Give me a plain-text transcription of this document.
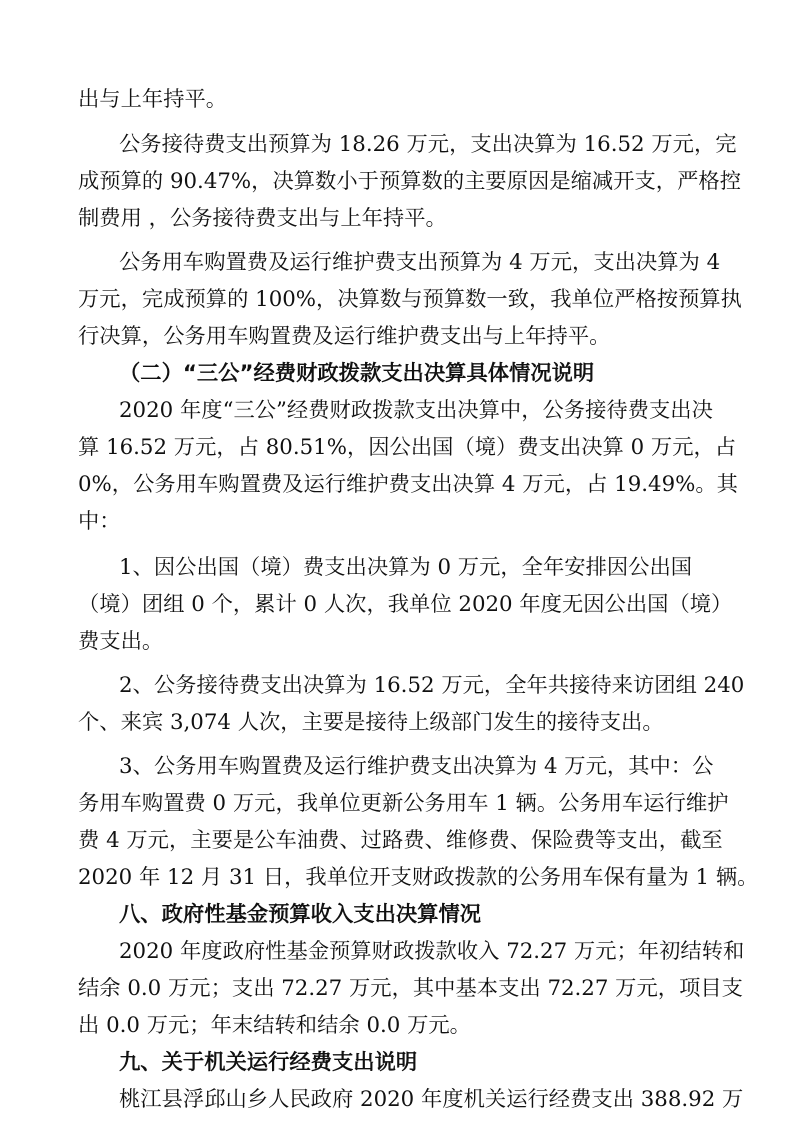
出与上年持平。
公务接待费支出预算为 18.26 万元，支出决算为 16.52 万元，完
成预算的 90.47%，决算数小于预算数的主要原因是缩减开支，严格控
制费用 ，公务接待费支出与上年持平。
公务用车购置费及运行维护费支出预算为 4 万元，支出决算为 4
万元，完成预算的 100%，决算数与预算数一致，我单位严格按预算执
行决算，公务用车购置费及运行维护费支出与上年持平。
（二）“三公”经费财政拨款支出决算具体情况说明
2020 年度“三公”经费财政拨款支出决算中，公务接待费支出决
算 16.52 万元，占 80.51%，因公出国（境）费支出决算 0 万元，占
0%，公务用车购置费及运行维护费支出决算 4 万元，占 19.49%。其
中：
1、因公出国（境）费支出决算为 0 万元，全年安排因公出国
（境）团组 0 个，累计 0 人次，我单位 2020 年度无因公出国（境）
费支出。
2、公务接待费支出决算为 16.52 万元，全年共接待来访团组 240
个、来宾 3,074 人次，主要是接待上级部门发生的接待支出。
3、公务用车购置费及运行维护费支出决算为 4 万元，其中：公
务用车购置费 0 万元，我单位更新公务用车 1 辆。公务用车运行维护
费 4 万元，主要是公车油费、过路费、维修费、保险费等支出，截至
2020 年 12 月 31 日，我单位开支财政拨款的公务用车保有量为 1 辆。
八、政府性基金预算收入支出决算情况
2020 年度政府性基金预算财政拨款收入 72.27 万元；年初结转和
结余 0.0 万元；支出 72.27 万元，其中基本支出 72.27 万元，项目支
出 0.0 万元；年末结转和结余 0.0 万元。
九、关于机关运行经费支出说明
桃江县浮邱山乡人民政府 2020 年度机关运行经费支出 388.92 万
